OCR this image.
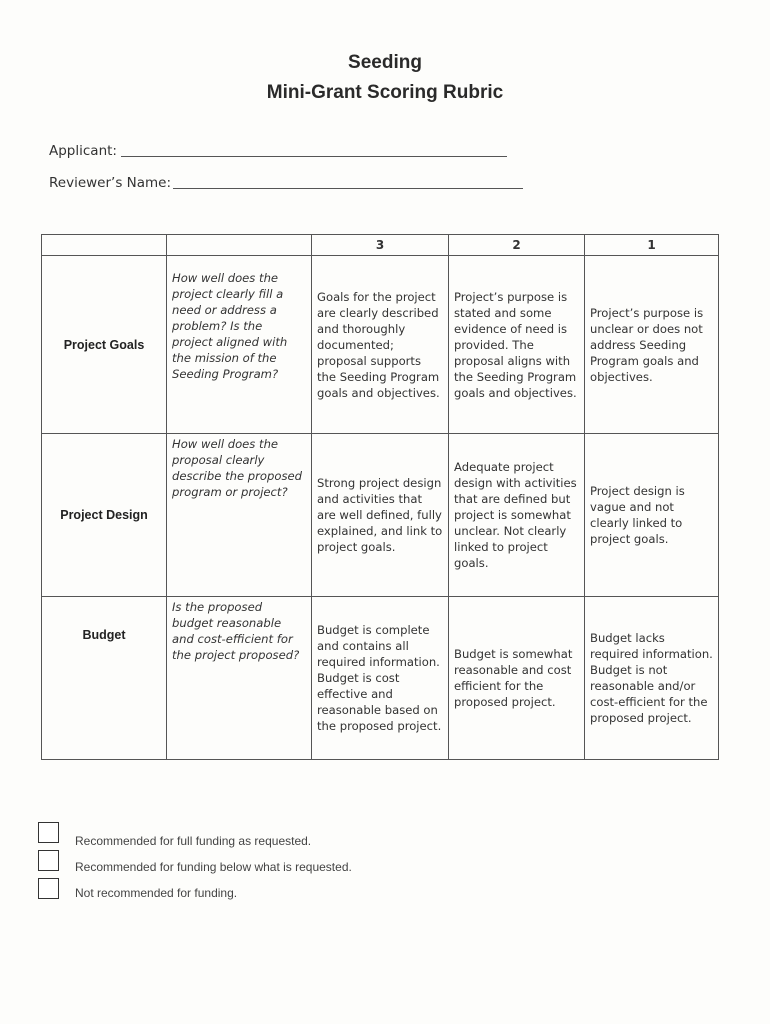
Seeding
Mini-Grant Scoring Rubric
Applicant:
Reviewer’s Name:
		3	2	1
Project Goals	How well does the project clearly fill a need or address a problem? Is the project aligned with the mission of the Seeding Program?	Goals for the project are clearly described and thoroughly documented; proposal supports the Seeding Program goals and objectives.	Project’s purpose is stated and some evidence of need is provided. The proposal aligns with the Seeding Program goals and objectives.	Project’s purpose is unclear or does not address Seeding Program goals and objectives.
Project Design	How well does the proposal clearly describe the proposed program or project?	Strong project design and activities that are well defined, fully explained, and link to project goals.	Adequate project design with activities that are defined but project is somewhat unclear. Not clearly linked to project goals.	Project design is vague and not clearly linked to project goals.
Budget	Is the proposed budget reasonable and cost-efficient for the project proposed?	Budget is complete and contains all required information. Budget is cost effective and reasonable based on the proposed project.	Budget is somewhat reasonable and cost efficient for the proposed project.	Budget lacks required information. Budget is not reasonable and/or cost-efficient for the proposed project.
Recommended for full funding as requested.
Recommended for funding below what is requested.
Not recommended for funding.
